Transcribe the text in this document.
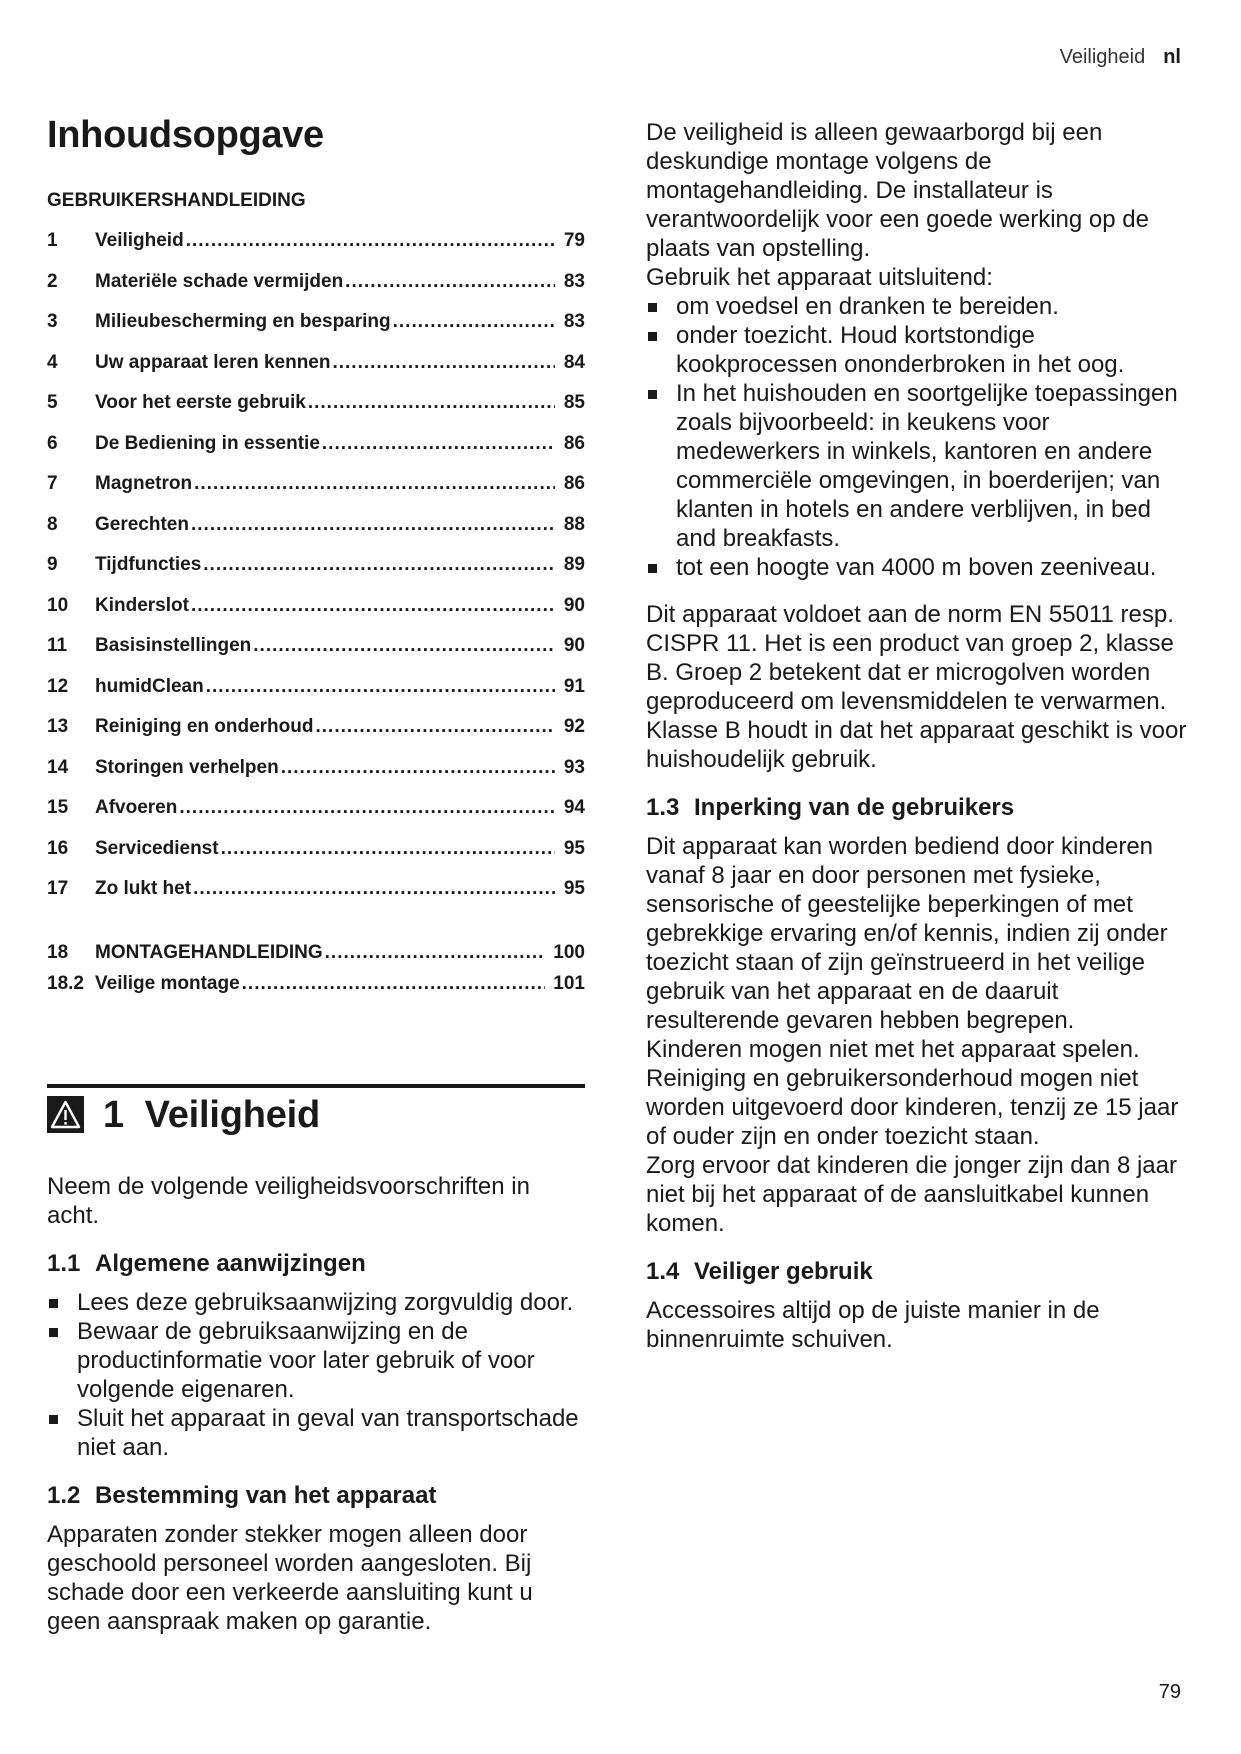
Veiligheid nl
Inhoudsopgave
GEBRUIKERSHANDLEIDING
1	Veiligheid .....	79
2	Materiële schade vermijden .....	83
3	Milieubescherming en besparing .....	83
4	Uw apparaat leren kennen .....	84
5	Voor het eerste gebruik .....	85
6	De Bediening in essentie .....	86
7	Magnetron .....	86
8	Gerechten .....	88
9	Tijdfuncties .....	89
10	Kinderslot .....	90
11	Basisinstellingen .....	90
12	humidClean .....	91
13	Reiniging en onderhoud .....	92
14	Storingen verhelpen .....	93
15	Afvoeren .....	94
16	Servicedienst .....	95
17	Zo lukt het .....	95
18	MONTAGEHANDLEIDING .....	100
18.2 Veilige montage .....	101
1 Veiligheid

Neem de volgende veiligheidsvoorschriften in acht.

1.1 Algemene aanwijzingen
Lees deze gebruiksaanwijzing zorgvuldig door.
Bewaar de gebruiksaanwijzing en de productinformatie voor later gebruik of voor volgende eigenaren.
Sluit het apparaat in geval van transportschade niet aan.
1.2 Bestemming van het apparaat

Apparaten zonder stekker mogen alleen door geschoold personeel worden aangesloten. Bij schade door een verkeerde aansluiting kunt u geen aanspraak maken op garantie.

De veiligheid is alleen gewaarborgd bij een deskundige montage volgens de montagehandleiding. De installateur is verantwoordelijk voor een goede werking op de plaats van opstelling.

Gebruik het apparaat uitsluitend:

om voedsel en dranken te bereiden.
onder toezicht. Houd kortstondige kookprocessen ononderbroken in het oog.
In het huishouden en soortgelijke toepassingen zoals bijvoorbeeld: in keukens voor medewerkers in winkels, kantoren en andere commerciële omgevingen, in boerderijen; van klanten in hotels en andere verblijven, in bed and breakfasts.
tot een hoogte van 4000 m boven zeeniveau.

Dit apparaat voldoet aan de norm EN 55011 resp. CISPR 11. Het is een product van groep 2, klasse B. Groep 2 betekent dat er microgolven worden geproduceerd om levensmiddelen te verwarmen. Klasse B houdt in dat het apparaat geschikt is voor huishoudelijk gebruik.

1.3 Inperking van de gebruikers

Dit apparaat kan worden bediend door kinderen vanaf 8 jaar en door personen met fysieke, sensorische of geestelijke beperkingen of met gebrekkige ervaring en/of kennis, indien zij onder toezicht staan of zijn geïnstrueerd in het veilige gebruik van het apparaat en de daaruit resulterende gevaren hebben begrepen.

Kinderen mogen niet met het apparaat spelen.

Reiniging en gebruikersonderhoud mogen niet worden uitgevoerd door kinderen, tenzij ze 15 jaar of ouder zijn en onder toezicht staan.

Zorg ervoor dat kinderen die jonger zijn dan 8 jaar niet bij het apparaat of de aansluitkabel kunnen komen.

1.4 Veiliger gebruik

Accessoires altijd op de juiste manier in de binnenruimte schuiven.

79
